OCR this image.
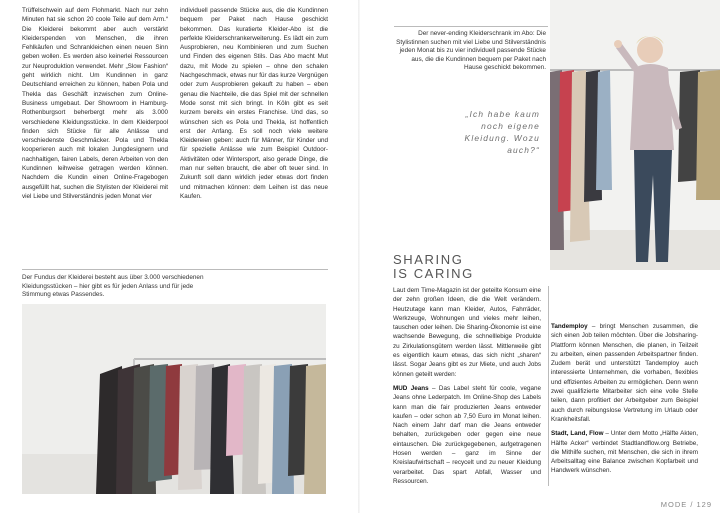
Trüffelschwein auf dem Flohmarkt. Nach nur zehn Minuten hat sie schon 20 coole Teile auf dem Arm.“ Die Kleiderei bekommt aber auch verstärkt Kleiderspenden von Menschen, die ihren Fehlkäufen und Schrankleichen einen neuen Sinn geben wollen. Es werden also keinerlei Ressourcen zur Neuproduktion verwendet. Mehr „Slow Fashion“ geht wirklich nicht. Um Kundinnen in ganz Deutschland erreichen zu können, haben Pola und Thekla das Geschäft inzwischen zum Online-Business umgebaut. Der Showroom in Hamburg-Rothenburgsort beherbergt mehr als 3.000 verschiedene Kleidungsstücke. In dem Kleiderpool finden sich Stücke für alle Anlässe und verschiedenste Geschmäcker. Pola und Thekla kooperieren auch mit lokalen Jungdesignern und nachhaltigen, fairen Labels, deren Arbeiten von den Kundinnen leihweise getragen werden können. Nachdem die Kundin einen Online-Fragebogen ausgefüllt hat, suchen die Stylisten der Kleiderei mit viel Liebe und Stilverständnis jeden Monat vier

individuell passende Stücke aus, die die Kundinnen bequem per Paket nach Hause geschickt bekommen. Das kuratierte Kleider-Abo ist die perfekte Kleiderschrankerweiterung. Es lädt ein zum Ausprobieren, neu Kombinieren und zum Suchen und Finden des eigenen Stils. Das Abo macht Mut dazu, mit Mode zu spielen – ohne den schalen Nachgeschmack, etwas nur für das kurze Vergnügen oder zum Ausprobieren gekauft zu haben – eben genau die Nachteile, die das Spiel mit der schnellen Mode sonst mit sich bringt. In Köln gibt es seit kurzem bereits ein erstes Franchise. Und das, so wünschen sich es Pola und Thekla, ist hoffentlich erst der Anfang. Es soll noch viele weitere Kleidereien geben: auch für Männer, für Kinder und für spezielle Anlässe wie zum Beispiel Outdoor-Aktivitäten oder Wintersport, also gerade Dinge, die man nur selten braucht, die aber oft teuer sind. In Zukunft soll dann wirklich jeder etwas dort finden und mitmachen können: dem Leihen ist das neue Kaufen.

Der Fundus der Kleiderei besteht aus über 3.000 verschiedenen Kleidungsstücken – hier gibt es für jeden Anlass und für jede Stimmung etwas Passendes.
Der never-ending Kleiderschrank im Abo: Die Stylistinnen suchen mit viel Liebe und Stilverständnis jeden Monat bis zu vier individuell passende Stücke aus, die die Kundinnen bequem per Paket nach Hause geschickt bekommen.
„Ich habe kaum noch eigene Kleidung. Wozu auch?“
SHARING
IS CARING

Laut dem Time-Magazin ist der geteilte Konsum eine der zehn großen Ideen, die die Welt verändern. Heutzutage kann man Kleider, Autos, Fahrräder, Werkzeuge, Wohnungen und vieles mehr leihen, tauschen oder leihen. Die Sharing-Ökonomie ist eine wachsende Bewegung, die schnelllebige Produkte zu Zirkulationsgütern werden lässt. Mittlerweile gibt es eigentlich kaum etwas, das sich nicht „sharen“ lässt. Sogar Jeans gibt es zur Miete, und auch Jobs können geteilt werden:

MUD Jeans – Das Label steht für coole, vegane Jeans ohne Lederpatch. Im Online-Shop des Labels kann man die fair produzierten Jeans entweder kaufen – oder schon ab 7,50 Euro im Monat leihen. Nach einem Jahr darf man die Jeans entweder behalten, zurückgeben oder gegen eine neue eintauschen. Die zurückgegebenen, aufgetragenen Hosen werden – ganz im Sinne der Kreislaufwirtschaft – recycelt und zu neuer Kleidung verarbeitet. Das spart Abfall, Wasser und Ressourcen.

Tandemploy – bringt Menschen zusammen, die sich einen Job teilen möchten. Über die Jobsharing-Plattform können Menschen, die planen, in Teilzeit zu arbeiten, einen passenden Arbeitspartner finden. Zudem berät und unterstützt Tandemploy auch interessierte Unternehmen, die vorhaben, flexibles und effizientes Arbeiten zu ermöglichen. Denn wenn zwei qualifizierte Mitarbeiter sich eine volle Stelle teilen, dann profitiert der Arbeitgeber zum Beispiel auch durch reibungslose Vertretung im Urlaub oder Krankheitsfall.

Stadt, Land, Flow – Unter dem Motto „Hälfte Akten, Hälfte Acker“ verbindet Stadtlandflow.org Betriebe, die Mithilfe suchen, mit Menschen, die sich in ihrem Arbeitsalltag eine Balance zwischen Kopfarbeit und Handwerk wünschen.

MODE / 129
